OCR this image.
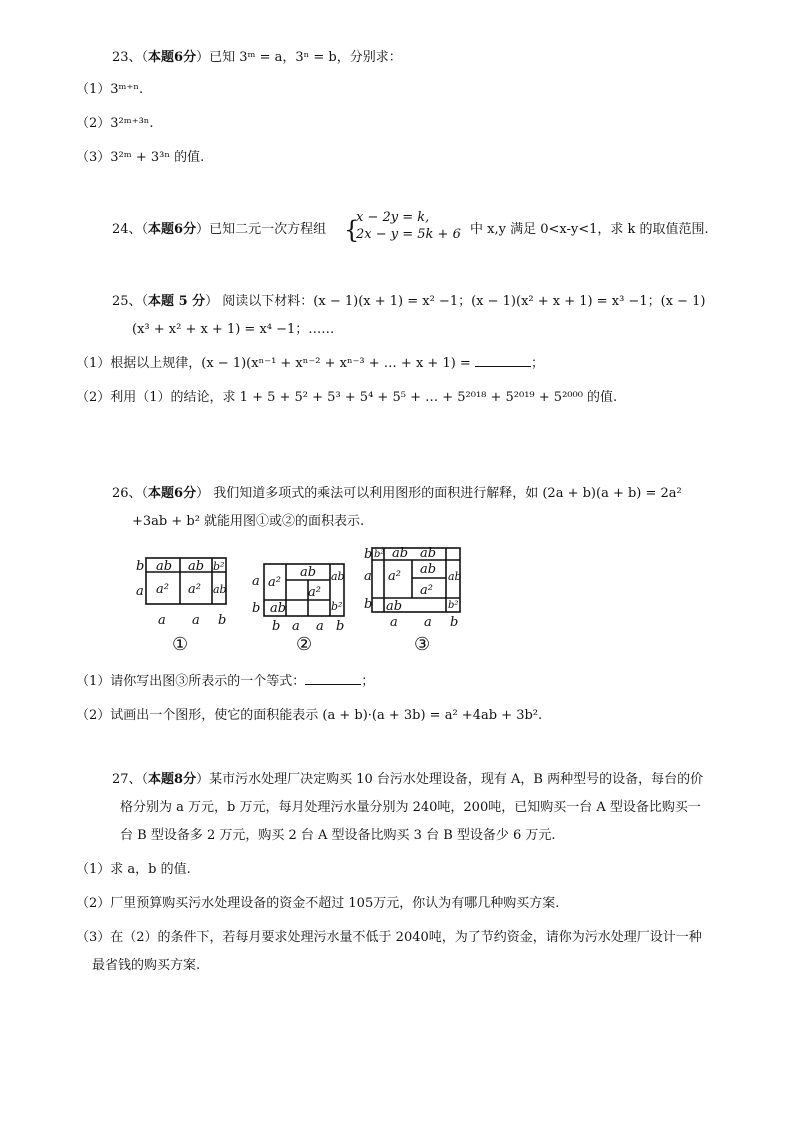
23、（本题6分）已知 3ᵐ = a，3ⁿ = b，分别求：
（1）3ᵐ⁺ⁿ.
（2）3²ᵐ⁺³ⁿ.
（3）3²ᵐ + 3³ⁿ 的值.
24、（本题6分）已知二元一次方程组 {
x − 2y = k,
2x − y = 5k + 6 中 x,y 满足 0<x-y<1，求 k 的取值范围.
25、（本题 5 分） 阅读以下材料：(x − 1)(x + 1) = x² −1；(x − 1)(x² + x + 1) = x³ −1；(x − 1)
(x³ + x² + x + 1) = x⁴ −1；……
（1）根据以上规律，(x − 1)(xⁿ⁻¹ + xⁿ⁻² + xⁿ⁻³ + … + x + 1) =	；
（2）利用（1）的结论，求 1 + 5 + 5² + 5³ + 5⁴ + 5⁵ + … + 5²⁰¹⁸ + 5²⁰¹⁹ + 5²⁰⁰⁰ 的值.
26、（本题6分） 我们知道多项式的乘法可以利用图形的面积进行解释，如 (2a + b)(a + b) = 2a²
+3ab + b² 就能用图①或②的面积表示.
b
a
ab ab b²
a² a² ab
a a b
a
b
a²
ab
a²
ab
ab	b²
b a a b
b
a
b
b² ab ab
a² ab
a²
ab
ab	b²
a a b
①	②	③
（1）请你写出图③所表示的一个等式：	；
（2）试画出一个图形，使它的面积能表示 (a + b)·(a + 3b) = a² +4ab + 3b².
27、（本题8分）某市污水处理厂决定购买 10 台污水处理设备，现有 A，B 两种型号的设备，每台的价
格分别为 a 万元，b 万元，每月处理污水量分别为 240吨，200吨，已知购买一台 A 型设备比购买一
台 B 型设备多 2 万元，购买 2 台 A 型设备比购买 3 台 B 型设备少 6 万元.
（1）求 a，b 的值.
（2）厂里预算购买污水处理设备的资金不超过 105万元，你认为有哪几种购买方案.
（3）在（2）的条件下，若每月要求处理污水量不低于 2040吨，为了节约资金，请你为污水处理厂设计一种
最省钱的购买方案.
